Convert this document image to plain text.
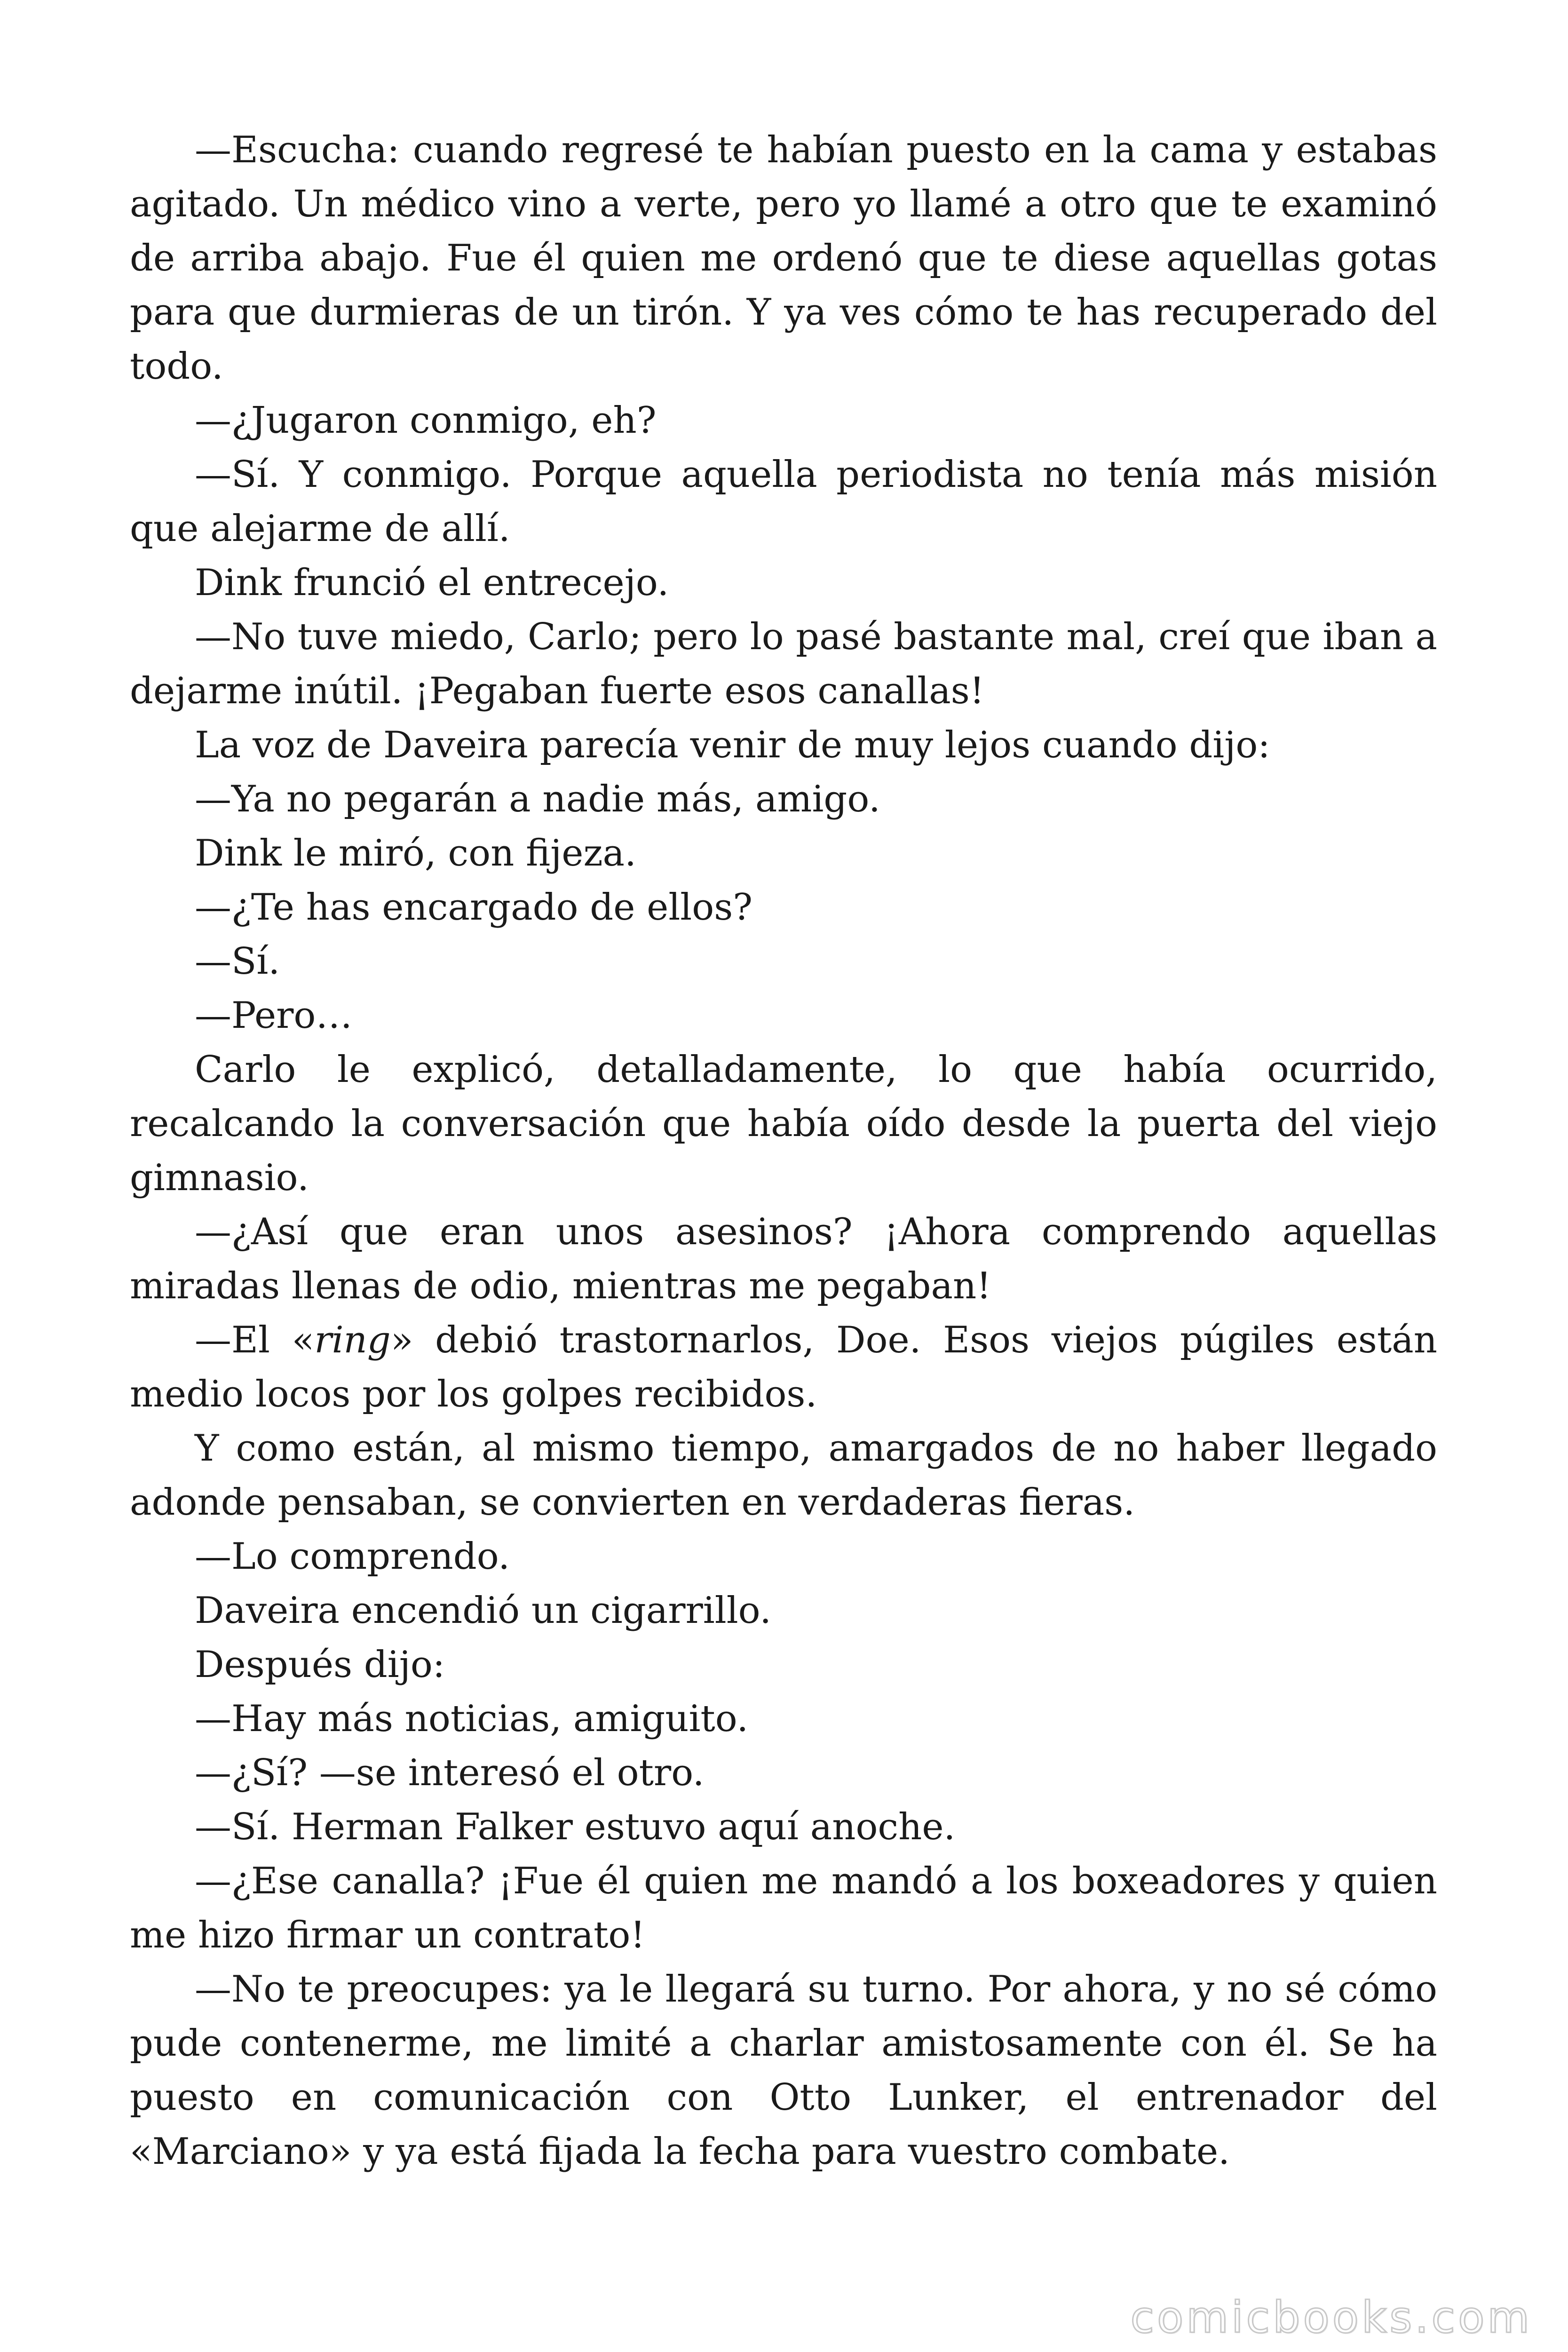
—Escucha: cuando regresé te habían puesto en la cama y estabas agitado. Un médico vino a verte, pero yo llamé a otro que te examinó de arriba abajo. Fue él quien me ordenó que te diese aquellas gotas para que durmieras de un tirón. Y ya ves cómo te has recuperado del todo.

—¿Jugaron conmigo, eh?

—Sí. Y conmigo. Porque aquella periodista no tenía más misión que alejarme de allí.

Dink frunció el entrecejo.

—No tuve miedo, Carlo; pero lo pasé bastante mal, creí que iban a dejarme inútil. ¡Pegaban fuerte esos canallas!

La voz de Daveira parecía venir de muy lejos cuando dijo:

—Ya no pegarán a nadie más, amigo.

Dink le miró, con fijeza.

—¿Te has encargado de ellos?

—Sí.

—Pero…

Carlo le explicó, detalladamente, lo que había ocurrido, recalcando la conversación que había oído desde la puerta del viejo gimnasio.

—¿Así que eran unos asesinos? ¡Ahora comprendo aquellas miradas llenas de odio, mientras me pegaban!

—El «ring» debió trastornarlos, Doe. Esos viejos púgiles están medio locos por los golpes recibidos.

Y como están, al mismo tiempo, amargados de no haber llegado adonde pensaban, se convierten en verdaderas fieras.

—Lo comprendo.

Daveira encendió un cigarrillo.

Después dijo:

—Hay más noticias, amiguito.

—¿Sí? —se interesó el otro.

—Sí. Herman Falker estuvo aquí anoche.

—¿Ese canalla? ¡Fue él quien me mandó a los boxeadores y quien me hizo firmar un contrato!

—No te preocupes: ya le llegará su turno. Por ahora, y no sé cómo pude contenerme, me limité a charlar amistosamente con él. Se ha puesto en comunicación con Otto Lunker, el entrenador del «Marciano» y ya está fijada la fecha para vuestro combate.

comicbooks.com
